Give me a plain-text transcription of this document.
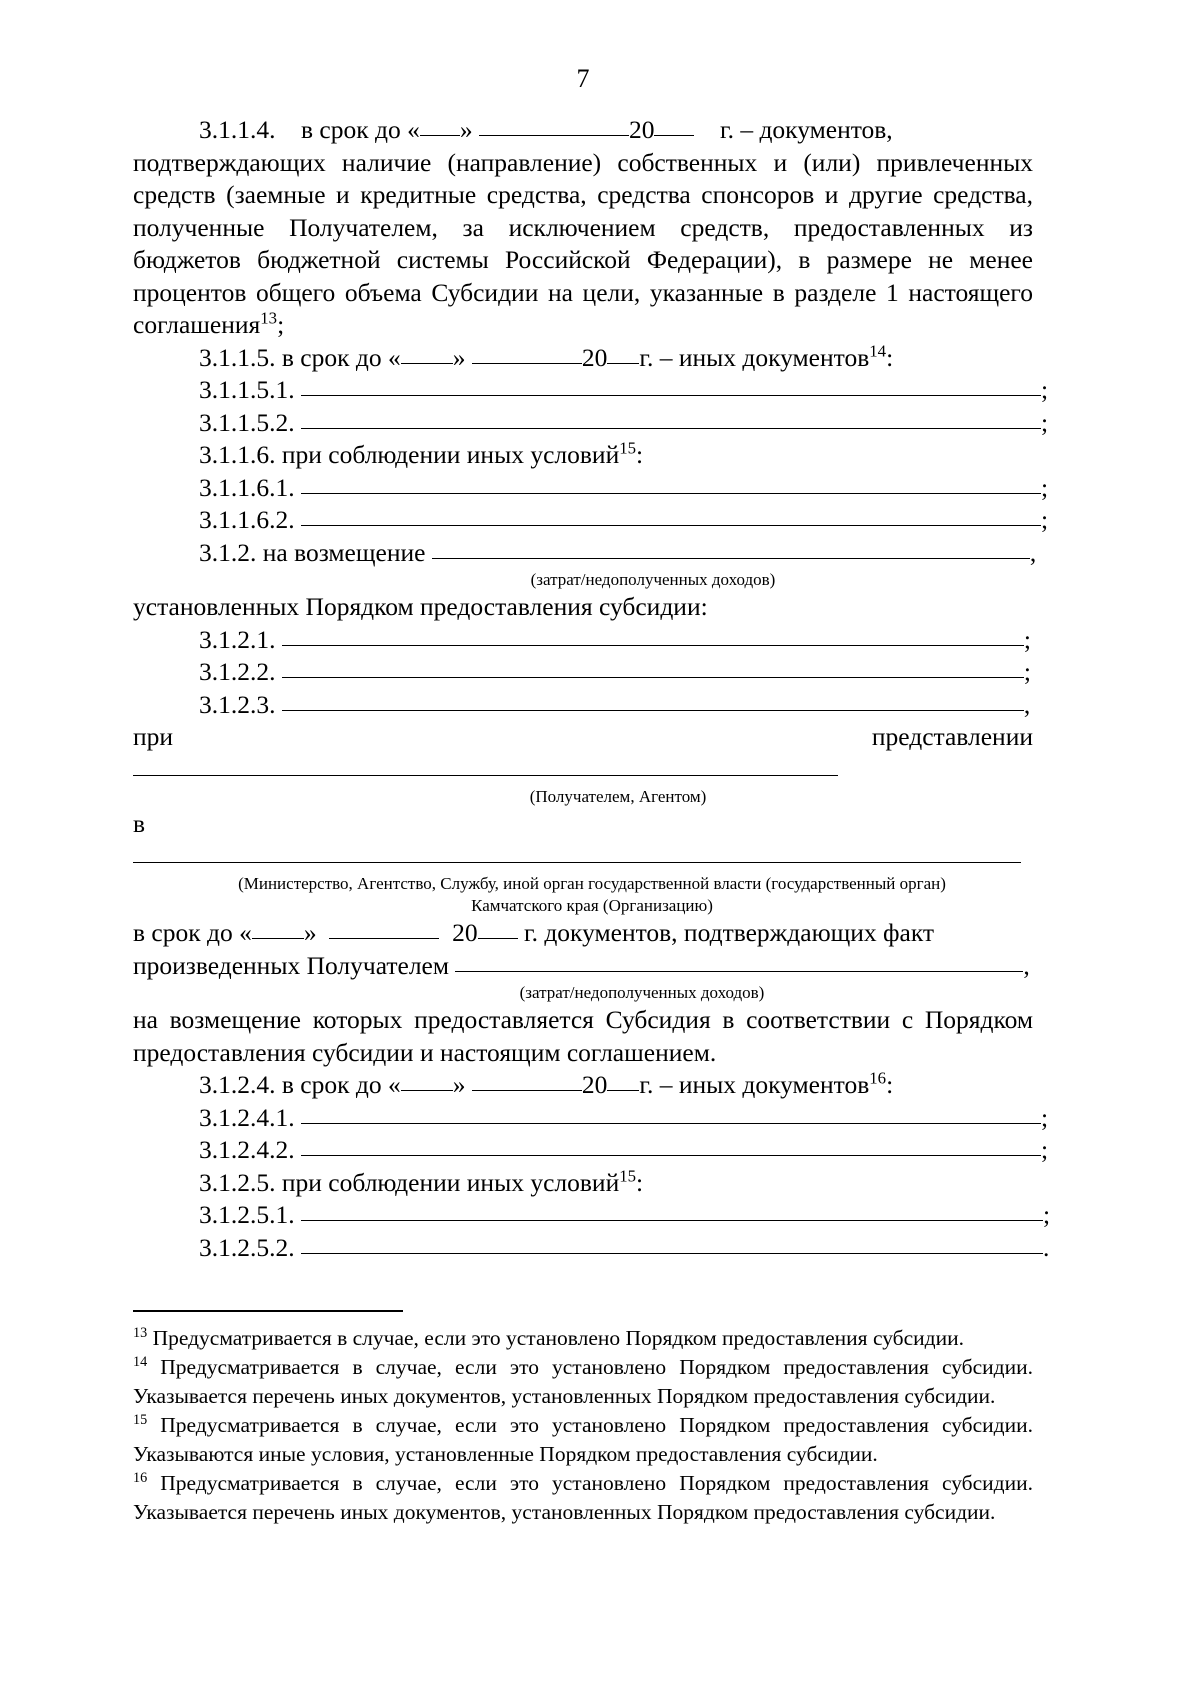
7

3.1.1.4. в срок до « »	20	г. – документов,
подтверждающих наличие (направление) собственных и (или) привлеченных средств (заемные и кредитные средства, средства спонсоров и другие средства, полученные Получателем, за исключением средств, предоставленных из бюджетов бюджетной системы Российской Федерации), в размере не менее процентов общего объема Субсидии на цели, указанные в разделе 1 настоящего соглашения$^{13}$;

3.1.1.5. в срок до « »	20 г. – иных документов$^{14}$:

3.1.1.5.1.	;

3.1.1.5.2.	;

3.1.1.6. при соблюдении иных условий$^{15}$:

3.1.1.6.1.	;

3.1.1.6.2.	;

3.1.2. на возмещение	,

(затрат/недополученных доходов)

установленных Порядком предоставления субсидии:

3.1.2.1.	;

3.1.2.2.	;

3.1.2.3.	,

при представлении

(Получателем, Агентом)

в

(Министерство, Агентство, Службу, иной орган государственной власти (государственный орган)

Камчатского края (Организацию)

в срок до « »	20 г. документов, подтверждающих факт

произведенных Получателем	,

(затрат/недополученных доходов)

на возмещение которых предоставляется Субсидия в соответствии с Порядком предоставления субсидии и настоящим соглашением.

3.1.2.4. в срок до « »	20 г. – иных документов$^{16}$:

3.1.2.4.1.	;

3.1.2.4.2.	;

3.1.2.5. при соблюдении иных условий$^{15}$:

3.1.2.5.1.	;

3.1.2.5.2.	.

$^{13}$ Предусматривается в случае, если это установлено Порядком предоставления субсидии.

$^{14}$ Предусматривается в случае, если это установлено Порядком предоставления субсидии. Указывается перечень иных документов, установленных Порядком предоставления субсидии.

$^{15}$ Предусматривается в случае, если это установлено Порядком предоставления субсидии. Указываются иные условия, установленные Порядком предоставления субсидии.

$^{16}$ Предусматривается в случае, если это установлено Порядком предоставления субсидии. Указывается перечень иных документов, установленных Порядком предоставления субсидии.
